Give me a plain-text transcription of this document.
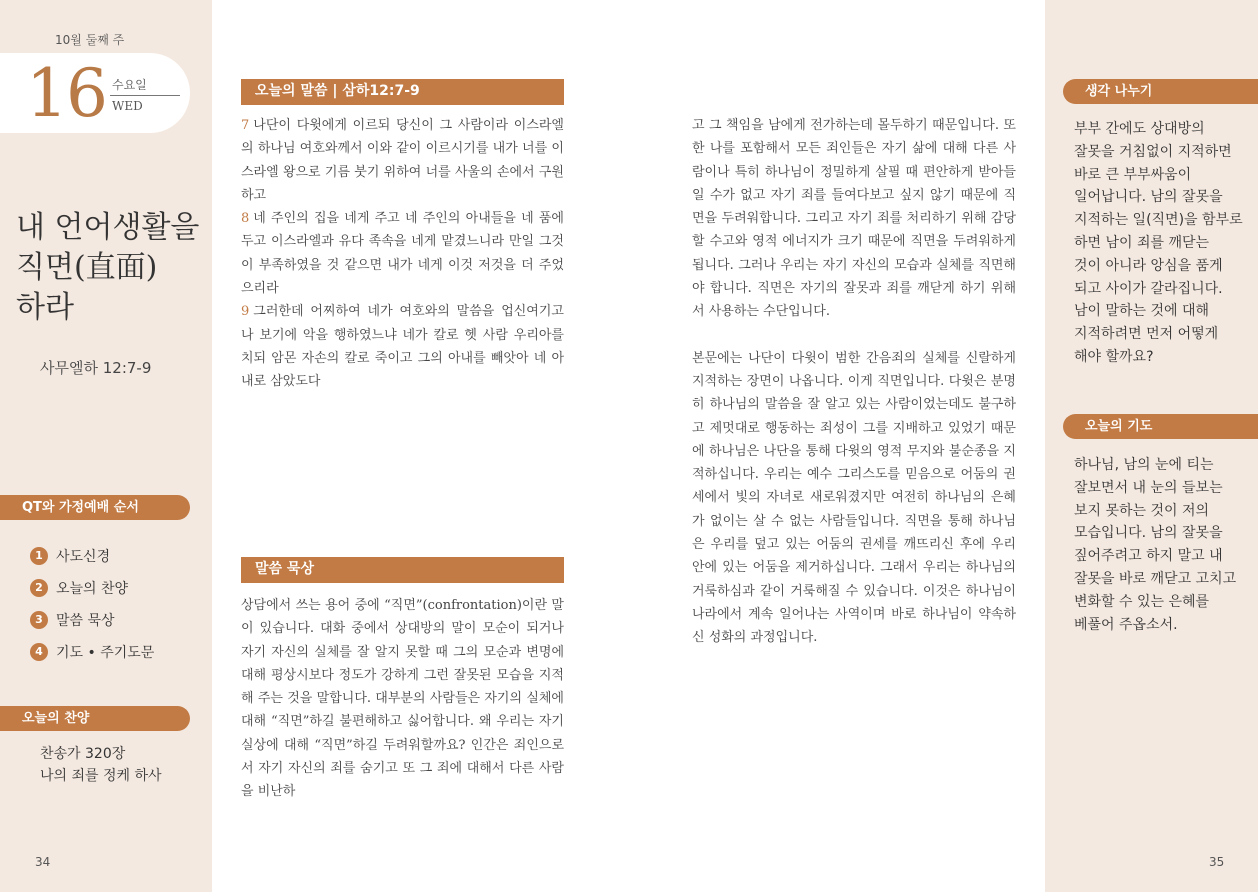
10월 둘째 주
16 수요일
WED
내 언어생활을
직면(直面)
하라
사무엘하 12:7-9
QT와 가정예배 순서
1 사도신경
2 오늘의 찬양
3 말씀 묵상
4 기도 • 주기도문
오늘의 찬양
찬송가 320장
나의 죄를 정케 하사
34
오늘의 말씀 | 삼하12:7-9

7 나단이 다윗에게 이르되 당신이 그 사람이라 이스라엘의 하나님 여호와께서 이와 같이 이르시기를 내가 너를 이스라엘 왕으로 기름 붓기 위하여 너를 사울의 손에서 구원하고

8 네 주인의 집을 네게 주고 네 주인의 아내들을 네 품에 두고 이스라엘과 유다 족속을 네게 맡겼느니라 만일 그것이 부족하였을 것 같으면 내가 네게 이것 저것을 더 주었으리라

9 그러한데 어찌하여 네가 여호와의 말씀을 업신여기고 나 보기에 악을 행하였느냐 네가 칼로 헷 사람 우리아를 치되 암몬 자손의 칼로 죽이고 그의 아내를 빼앗아 네 아내로 삼았도다

말씀 묵상

상담에서 쓰는 용어 중에 “직면”(confrontation)이란 말이 있습니다. 대화 중에서 상대방의 말이 모순이 되거나 자기 자신의 실체를 잘 알지 못할 때 그의 모순과 변명에 대해 평상시보다 정도가 강하게 그런 잘못된 모습을 지적해 주는 것을 말합니다. 대부분의 사람들은 자기의 실체에 대해 “직면”하길 불편해하고 싫어합니다. 왜 우리는 자기 실상에 대해 “직면”하길 두려워할까요? 인간은 죄인으로서 자기 자신의 죄를 숨기고 또 그 죄에 대해서 다른 사람을 비난하

고 그 책임을 남에게 전가하는데 몰두하기 때문입니다. 또한 나를 포함해서 모든 죄인들은 자기 삶에 대해 다른 사람이나 특히 하나님이 정밀하게 살필 때 편안하게 받아들일 수가 없고 자기 죄를 들여다보고 싶지 않기 때문에 직면을 두려워합니다. 그리고 자기 죄를 처리하기 위해 감당할 수고와 영적 에너지가 크기 때문에 직면을 두려워하게 됩니다. 그러나 우리는 자기 자신의 모습과 실체를 직면해야 합니다. 직면은 자기의 잘못과 죄를 깨닫게 하기 위해서 사용하는 수단입니다.

본문에는 나단이 다윗이 범한 간음죄의 실체를 신랄하게 지적하는 장면이 나옵니다. 이게 직면입니다. 다윗은 분명히 하나님의 말씀을 잘 알고 있는 사람이었는데도 불구하고 제멋대로 행동하는 죄성이 그를 지배하고 있었기 때문에 하나님은 나단을 통해 다윗의 영적 무지와 불순종을 지적하십니다. 우리는 예수 그리스도를 믿음으로 어둠의 권세에서 빛의 자녀로 새로워졌지만 여전히 하나님의 은혜가 없이는 살 수 없는 사람들입니다. 직면을 통해 하나님은 우리를 덮고 있는 어둠의 권세를 깨뜨리신 후에 우리 안에 있는 어둠을 제거하십니다. 그래서 우리는 하나님의 거룩하심과 같이 거룩해질 수 있습니다. 이것은 하나님이 나라에서 계속 일어나는 사역이며 바로 하나님이 약속하신 성화의 과정입니다.

생각 나누기
부부 간에도 상대방의
잘못을 거침없이 지적하면
바로 큰 부부싸움이
일어납니다. 남의 잘못을
지적하는 일(직면)을 함부로
하면 남이 죄를 깨닫는
것이 아니라 앙심을 품게
되고 사이가 갈라집니다.
남이 말하는 것에 대해
지적하려면 먼저 어떻게
해야 할까요?
오늘의 기도
하나님, 남의 눈에 티는
잘보면서 내 눈의 들보는
보지 못하는 것이 저의
모습입니다. 남의 잘못을
짚어주려고 하지 말고 내
잘못을 바로 깨닫고 고치고
변화할 수 있는 은혜를
베풀어 주옵소서.
35
